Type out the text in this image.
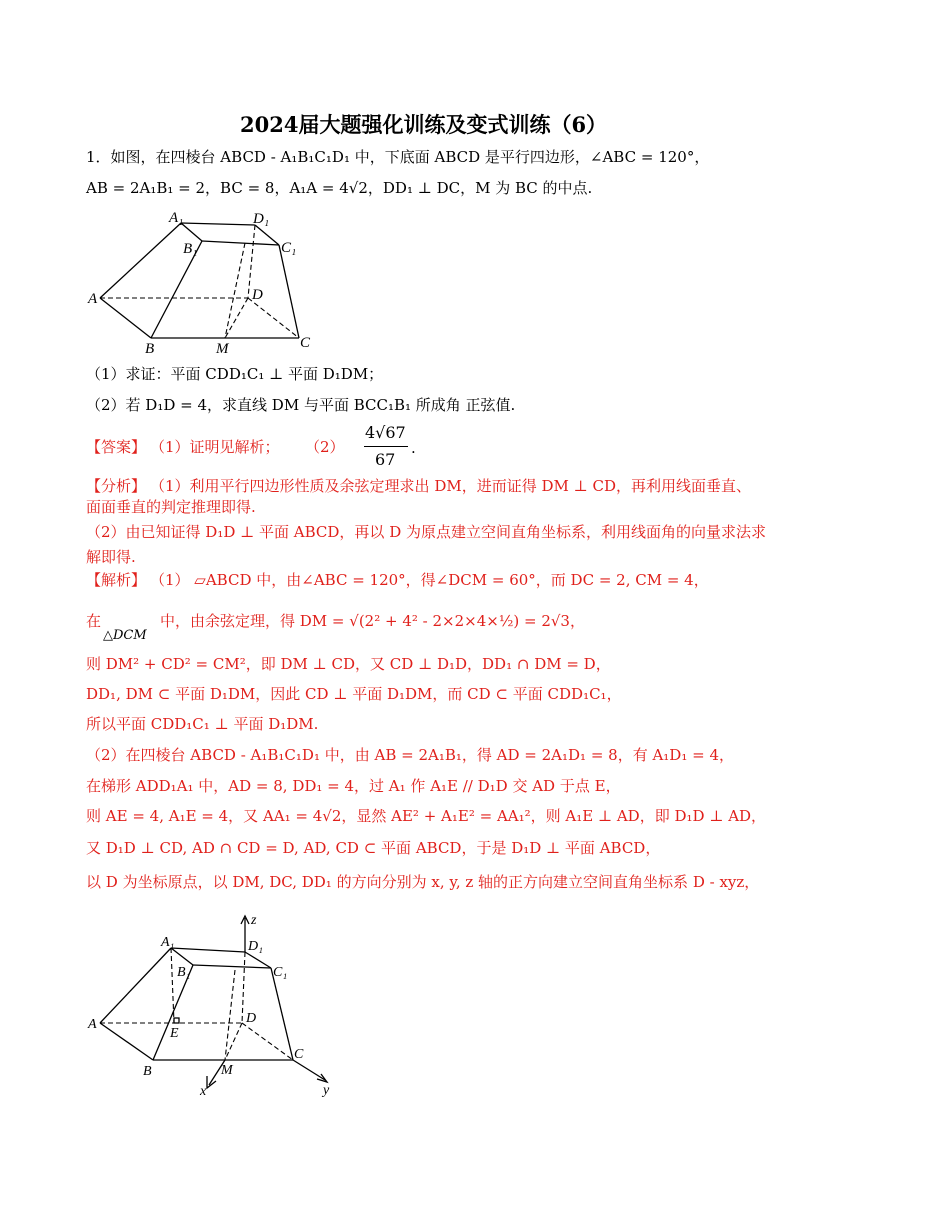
2024届大题强化训练及变式训练（6）
1．如图，在四棱台 ABCD - A₁B₁C₁D₁ 中，下底面 ABCD 是平行四边形，∠ABC = 120°，
AB = 2A₁B₁ = 2，BC = 8，A₁A = 4√2，DD₁ ⊥ DC，M 为 BC 的中点.
A₁	D₁
B₁	C₁
A	D
B	M	C
（1）求证：平面 CDD₁C₁ ⊥ 平面 D₁DM；
（2）若 D₁D = 4，求直线 DM 与平面 BCC₁B₁ 所成角 正弦值.
【答案】 （1）证明见解析； （2）
4√67
67
.
【分析】 （1）利用平行四边形性质及余弦定理求出 DM，进而证得 DM ⊥ CD，再利用线面垂直、
面面垂直的判定推理即得.
（2）由已知证得 D₁D ⊥ 平面 ABCD，再以 D 为原点建立空间直角坐标系，利用线面角的向量求法求
解即得.
【解析】 （1） ▱ABCD 中，由∠ABC = 120°，得∠DCM = 60°，而 DC = 2, CM = 4，
在
△DCM
中，由余弦定理，得 DM = √(2² + 4² - 2×2×4×½) = 2√3，
则 DM² + CD² = CM²，即 DM ⊥ CD，又 CD ⊥ D₁D，DD₁ ∩ DM = D，
DD₁, DM ⊂ 平面 D₁DM，因此 CD ⊥ 平面 D₁DM，而 CD ⊂ 平面 CDD₁C₁，
所以平面 CDD₁C₁ ⊥ 平面 D₁DM.
（2）在四棱台 ABCD - A₁B₁C₁D₁ 中，由 AB = 2A₁B₁，得 AD = 2A₁D₁ = 8，有 A₁D₁ = 4，
在梯形 ADD₁A₁ 中，AD = 8, DD₁ = 4，过 A₁ 作 A₁E // D₁D 交 AD 于点 E，
则 AE = 4, A₁E = 4，又 AA₁ = 4√2，显然 AE² + A₁E² = AA₁²，则 A₁E ⊥ AD，即 D₁D ⊥ AD，
又 D₁D ⊥ CD, AD ∩ CD = D, AD, CD ⊂ 平面 ABCD，于是 D₁D ⊥ 平面 ABCD，
以 D 为坐标原点，以 DM, DC, DD₁ 的方向分别为 x, y, z 轴的正方向建立空间直角坐标系 D - xyz，
z
A₁	D₁
B₁	C₁
A	D
E
B
C
M
x	y
